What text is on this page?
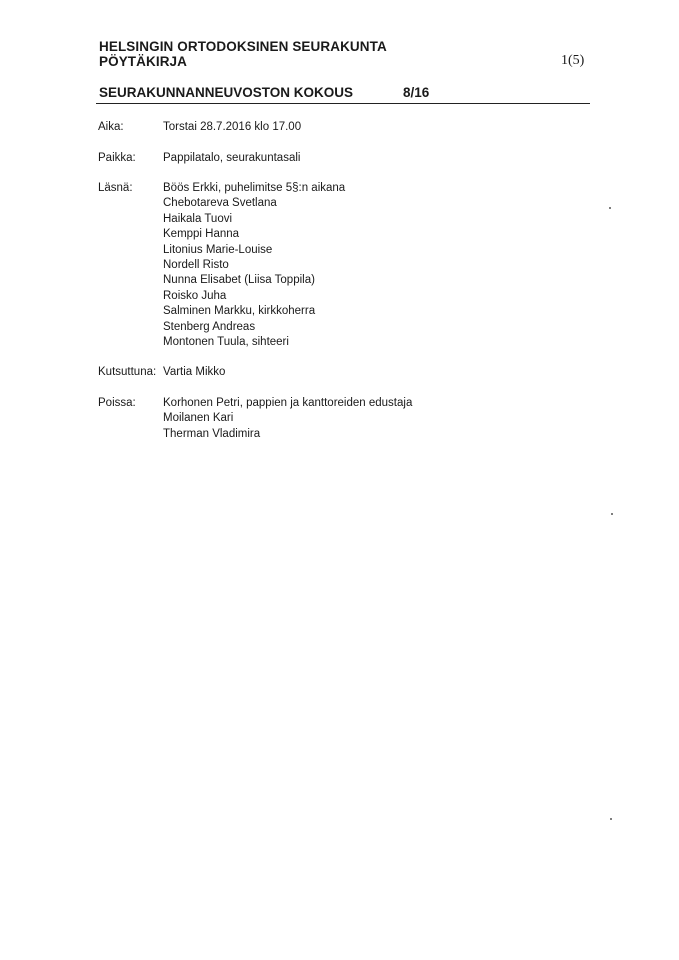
HELSINGIN ORTODOKSINEN SEURAKUNTA
PÖYTÄKIRJA	1(5)
SEURAKUNNANNEUVOSTON KOKOUS	8/16
Aika:	Torstai 28.7.2016 klo 17.00
Paikka: Pappilatalo, seurakuntasali
Läsnä:	Böös Erkki, puhelimitse 5§:n aikana
Chebotareva Svetlana
Haikala Tuovi
Kemppi Hanna
Litonius Marie-Louise
Nordell Risto
Nunna Elisabet (Liisa Toppila)
Roisko Juha
Salminen Markku, kirkkoherra
Stenberg Andreas
Montonen Tuula, sihteeri
Kutsuttuna: Vartia Mikko
Poissa: Korhonen Petri, pappien ja kanttoreiden edustaja
Moilanen Kari
Therman Vladimira
